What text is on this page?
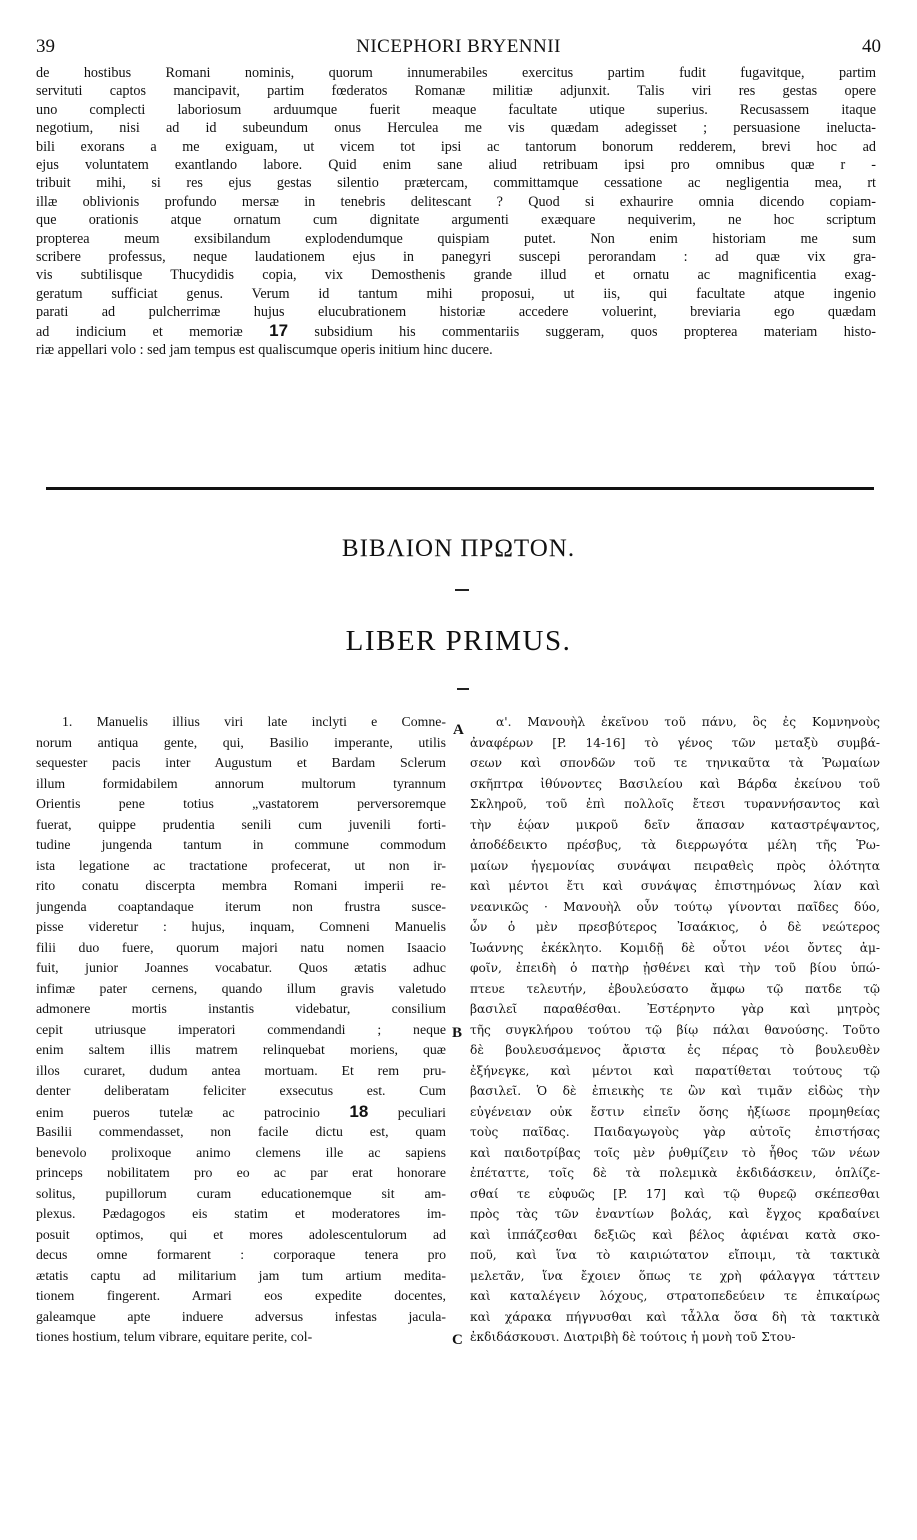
39	NICEPHORI BRYENNII	40
de hostibus Romani nominis, quorum innumerabiles exercitus partim fudit fugavitque, partim
servituti captos mancipavit, partim fœderatos Romanæ militiæ adjunxit. Talis viri res gestas opere
uno complecti laboriosum arduumque fuerit meaque facultate utique superius. Recusassem itaque
negotium, nisi ad id subeundum onus Herculea me vis quædam adegisset ; persuasione inelucta-
bili exorans a me exiguam, ut vicem tot ipsi ac tantorum bonorum redderem, brevi hoc ad
ejus voluntatem exantlando labore. Quid enim sane aliud retribuam ipsi pro omnibus quæ r -
tribuit mihi, si res ejus gestas silentio prætercam, committamque cessatione ac negligentia mea, rt
illæ oblivionis profundo mersæ in tenebris delitescant ? Quod si exhaurire omnia dicendo copiam-
que orationis atque ornatum cum dignitate argumenti exæquare nequiverim, ne hoc scriptum
propterea meum exsibilandum explodendumque quispiam putet. Non enim historiam me sum
scribere professus, neque laudationem ejus in panegyri suscepi perorandam : ad quæ vix gra-
vis subtilisque Thucydidis copia, vix Demosthenis grande illud et ornatu ac magnificentia exag-
geratum sufficiat genus. Verum id tantum mihi proposui, ut iis, qui facultate atque ingenio
parati ad pulcherrimæ hujus elucubrationem historiæ accedere voluerint, breviaria ego quædam
ad indicium et memoriæ 17 subsidium his commentariis suggeram, quos propterea materiam histo-
riæ appellari volo : sed jam tempus est qualiscumque operis initium hinc ducere.
ΒΙΒΛΙΟΝ ΠΡΩΤΟΝ.
LIBER PRIMUS.
1. Manuelis illius viri late inclyti e Comne-
norum antiqua gente, qui, Basilio imperante, utilis
sequester pacis inter Augustum et Bardam Sclerum
illum formidabilem annorum multorum tyrannum
Orientis pene totius „vastatorem perversoremque
fuerat, quippe prudentia senili cum juvenili forti-
tudine jungenda tantum in commune commodum
ista legatione ac tractatione profecerat, ut non ir-
rito conatu discerpta membra Romani imperii re-
jungenda coaptandaque iterum non frustra susce-
pisse videretur : hujus, inquam, Comneni Manuelis
filii duo fuere, quorum majori natu nomen Isaacio
fuit, junior Joannes vocabatur. Quos ætatis adhuc
infimæ pater cernens, quando illum gravis valetudo
admonere mortis instantis videbatur, consilium
cepit utriusque imperatori commendandi ; neque
enim saltem illis matrem relinquebat moriens, quæ
illos curaret, dudum antea mortuam. Et rem pru-
denter deliberatam feliciter exsecutus est. Cum
enim pueros tutelæ ac patrocinio 18 peculiari
Basilii commendasset, non facile dictu est, quam
benevolo prolixoque animo clemens ille ac sapiens
princeps nobilitatem pro eo ac par erat honorare
solitus, pupillorum curam educationemque sit am-
plexus. Pædagogos eis statim et moderatores im-
posuit optimos, qui et mores adolescentulorum ad
decus omne formarent : corporaque tenera pro
ætatis captu ad militarium jam tum artium medita-
tionem fingerent. Armari eos expedite docentes,
galeamque apte induere adversus infestas jacula-
tiones hostium, telum vibrare, equitare perite, col-
α'. Μανουὴλ ἐκεῖνου τοῦ πάνυ, ὃς ἐς Κομνηνοὺς
ἀναφέρων [P. 14-16] τὸ γένος τῶν μεταξὺ συμβά-
σεων καὶ σπονδῶν τοῦ τε τηνικαῦτα τὰ Ῥωμαίων
σκῆπτρα ἰθύνοντες Βασιλείου καὶ Βάρδα ἐκείνου τοῦ
Σκληροῦ, τοῦ ἐπὶ πολλοῖς ἔτεσι τυραννήσαντος καὶ
τὴν ἑῴαν μικροῦ δεῖν ἅπασαν καταστρέψαντος,
ἀποδέδεικτο πρέσβυς, τὰ διερρωγότα μέλη τῆς Ῥω-
μαίων ἡγεμονίας συνάψαι πειραθεὶς πρὸς ὁλότητα
καὶ μέντοι ἔτι καὶ συνάψας ἐπιστημόνως λίαν καὶ
νεανικῶς · Μανουὴλ οὖν τούτῳ γίνονται παῖδες δύο,
ὧν ὁ μὲν πρεσβύτερος Ἰσαάκιος, ὁ δὲ νεώτερος
Ἰωάννης ἐκέκλητο. Κομιδῇ δὲ οὗτοι νέοι ὄντες ἀμ-
φοῖν, ἐπειδὴ ὁ πατὴρ ᾐσθένει καὶ τὴν τοῦ βίου ὑπώ-
πτευε τελευτήν, ἐβουλεύσατο ἄμφω τῷ πατδε τῷ
βασιλεῖ παραθέσθαι. Ἐστέρηντο γὰρ καὶ μητρὸς
τῆς συγκλήρου τούτου τῷ βίῳ πάλαι θανούσης. Τοῦτο
δὲ βουλευσάμενος ἄριστα ἐς πέρας τὸ βουλευθὲν
ἐξήνεγκε, καὶ μέντοι καὶ παρατίθεται τούτους τῷ
βασιλεῖ. Ὁ δὲ ἐπιεικὴς τε ὢν καὶ τιμᾶν εἰδὼς τὴν
εὐγένειαν οὐκ ἔστιν εἰπεῖν ὅσης ἠξίωσε προμηθείας
τοὺς παῖδας. Παιδαγωγοὺς γὰρ αὐτοῖς ἐπιστήσας
καὶ παιδοτρίβας τοῖς μὲν ῥυθμίζειν τὸ ἦθος τῶν νέων
ἐπέταττε, τοῖς δὲ τὰ πολεμικὰ ἐκδιδάσκειν, ὁπλίζε-
σθαί τε εὐφυῶς [P. 17] καὶ τῷ θυρεῷ σκέπεσθαι
πρὸς τὰς τῶν ἐναντίων βολάς, καὶ ἔγχος κραδαίνει
καὶ ἱππάζεσθαι δεξιῶς καὶ βέλος ἀφιέναι κατὰ σκο-
ποῦ, καὶ ἵνα τὸ καιριώτατον εἴποιμι, τὰ τακτικὰ
μελετᾶν, ἵνα ἔχοιεν ὅπως τε χρὴ φάλαγγα τάττειν
καὶ καταλέγειν λόχους, στρατοπεδεύειν τε ἐπικαίρως
καὶ χάρακα πήγνυσθαι καὶ τἆλλα ὅσα δὴ τὰ τακτικὰ
ἐκδιδάσκουσι. Διατριβὴ δὲ τούτοις ἡ μονὴ τοῦ Στου-
A
B
C
